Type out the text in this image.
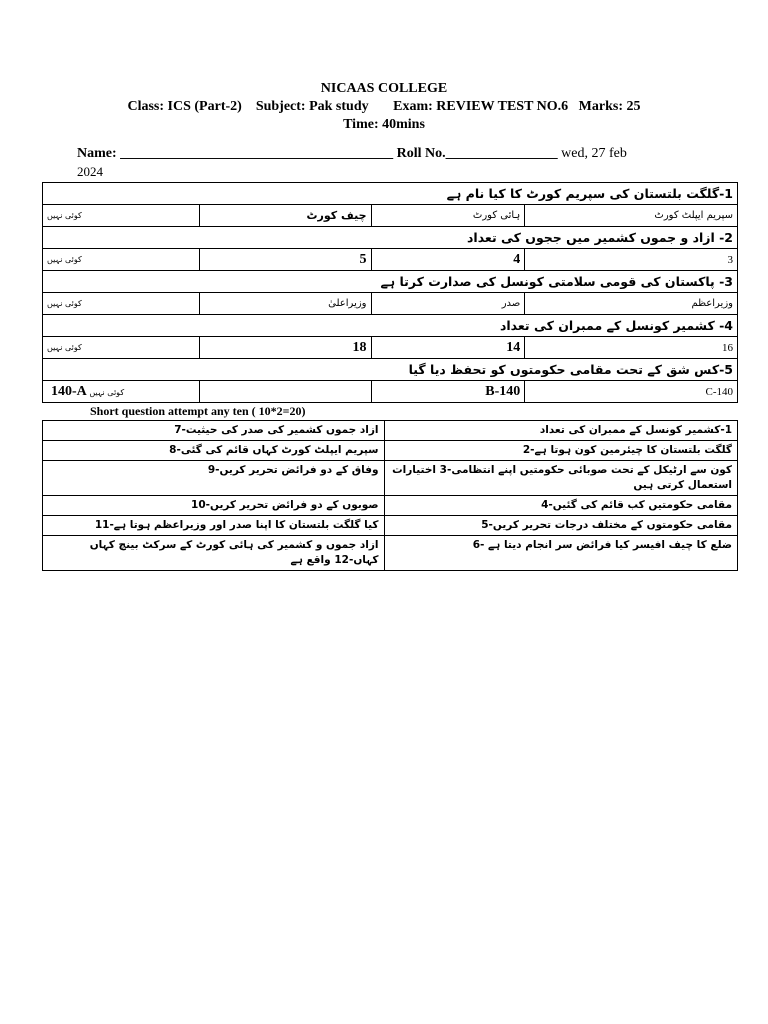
NICAAS COLLEGE
Class: ICS (Part-2) Subject: Pak study Exam: REVIEW TEST NO.6 Marks: 25
Time: 40mins
Name: _______________________________________ Roll No.________________ wed, 27 feb
2024
1-گلگت بلتستان کی سپریم کورٹ کا کیا نام ہے			
کوئی نہیں	چیف کورٹ	ہائی کورٹ	سپریم ایپلٹ کورٹ
2- ازاد و جموں کشمیر میں ججوں کی تعداد			
کوئی نہیں	5	4	3
3- پاکستان کی قومی سلامتی کونسل کی صدارت کرتا ہے			
کوئی نہیں	وزیراعلیٰ	صدر	وزیراعظم
4- کشمیر کونسل کے ممبران کی تعداد			
کوئی نہیں	18	14	16
5-کس شق کے تحت مقامی حکومتوں کو تحفظ دیا گیا			
کوئی نہیں 140-A		B-140	C-140
Short question attempt any ten ( 10*2=20)
ازاد جموں کشمیر کی صدر کی حیثیت-7	1-کشمیر کونسل کے ممبران کی تعداد
سپریم ایپلٹ کورٹ کہاں قائم کی گئی-8	گلگت بلتستان کا چیئرمین کون ہوتا ہے-2
وفاق کے دو فرائض تحریر کریں-9	کون سے ارٹیکل کے تحت صوبائی حکومتیں اپنے انتظامی-3 اختیارات استعمال کرتی ہیں
صوبوں کے دو فرائض تحریر کریں-10	مقامی حکومتیں کب قائم کی گئیں-4
کیا گلگت بلتستان کا اپنا صدر اور وزیراعظم ہوتا ہے-11	مقامی حکومتوں کے مختلف درجات تحریر کریں-5
ازاد جموں و کشمیر کی ہائی کورٹ کے سرکٹ بینچ کہاں کہاں-12 واقع ہے	ضلع کا چیف افیسر کیا فرائض سر انجام دیتا ہے -6
